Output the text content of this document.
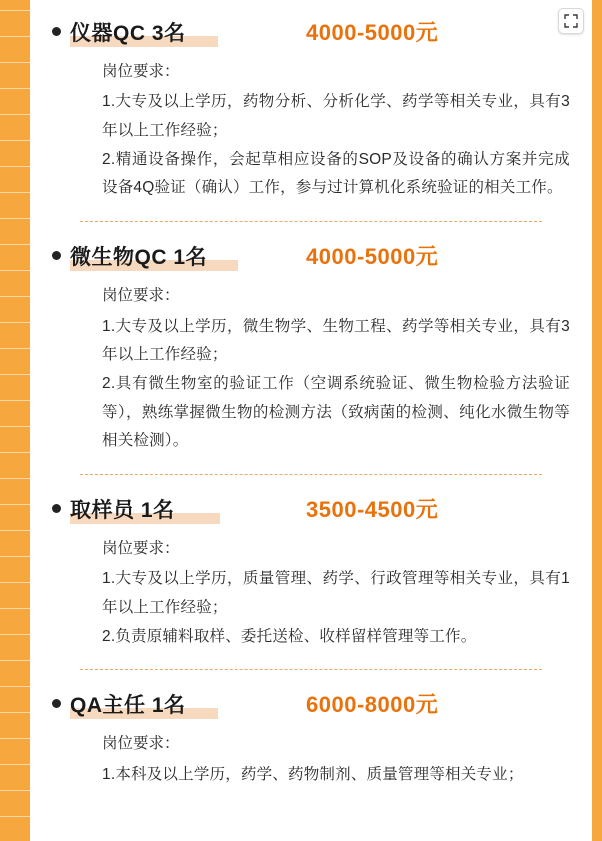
仪器QC 3名	4000-5000元
岗位要求：
1.大专及以上学历，药物分析、分析化学、药学等相关专业，具有3年以上工作经验；
2.精通设备操作，会起草相应设备的SOP及设备的确认方案并完成设备4Q验证（确认）工作，参与过计算机化系统验证的相关工作。
微生物QC 1名	4000-5000元
岗位要求：
1.大专及以上学历，微生物学、生物工程、药学等相关专业，具有3年以上工作经验；
2.具有微生物室的验证工作（空调系统验证、微生物检验方法验证等），熟练掌握微生物的检测方法（致病菌的检测、纯化水微生物等相关检测）。
取样员 1名	3500-4500元
岗位要求：
1.大专及以上学历，质量管理、药学、行政管理等相关专业，具有1年以上工作经验；
2.负责原辅料取样、委托送检、收样留样管理等工作。
QA主任 1名	6000-8000元
岗位要求：
1.本科及以上学历，药学、药物制剂、质量管理等相关专业；
